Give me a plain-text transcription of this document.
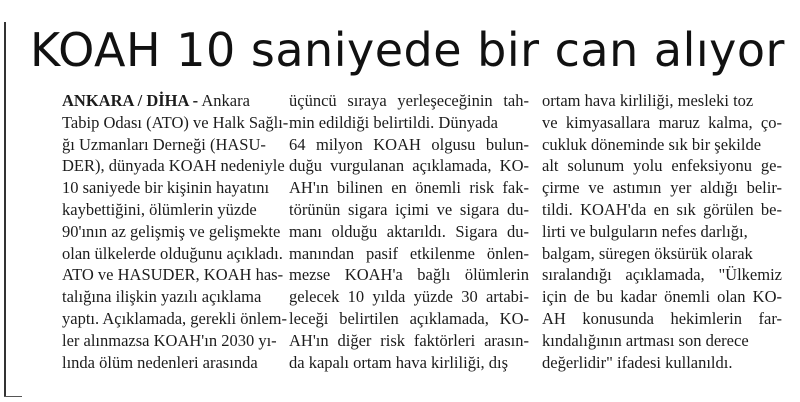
KOAH 10 saniyede bir can alıyor
ANKARA / DİHA - Ankara
Tabip Odası (ATO) ve Halk Sağlı-
ğı Uzmanları Derneği (HASU-
DER), dünyada KOAH nedeniyle
10 saniyede bir kişinin hayatını
kaybettiğini, ölümlerin yüzde
90'ının az gelişmiş ve gelişmekte
olan ülkelerde olduğunu açıkladı.
ATO ve HASUDER, KOAH has-
talığına ilişkin yazılı açıklama
yaptı. Açıklamada, gerekli önlem-
ler alınmazsa KOAH'ın 2030 yı-
lında ölüm nedenleri arasında
üçüncü sıraya yerleşeceğinin tah-
min edildiği belirtildi. Dünyada
64 milyon KOAH olgusu bulun-
duğu vurgulanan açıklamada, KO-
AH'ın bilinen en önemli risk fak-
törünün sigara içimi ve sigara du-
manı olduğu aktarıldı. Sigara du-
manından pasif etkilenme önlen-
mezse KOAH'a bağlı ölümlerin
gelecek 10 yılda yüzde 30 artabi-
leceği belirtilen açıklamada, KO-
AH'ın diğer risk faktörleri arasın-
da kapalı ortam hava kirliliği, dış
ortam hava kirliliği, mesleki toz
ve kimyasallara maruz kalma, ço-
cukluk döneminde sık bir şekilde
alt solunum yolu enfeksiyonu ge-
çirme ve astımın yer aldığı belir-
tildi. KOAH'da en sık görülen be-
lirti ve bulguların nefes darlığı,
balgam, süregen öksürük olarak
sıralandığı açıklamada, "Ülkemiz
için de bu kadar önemli olan KO-
AH konusunda hekimlerin far-
kındalığının artması son derece
değerlidir" ifadesi kullanıldı.
